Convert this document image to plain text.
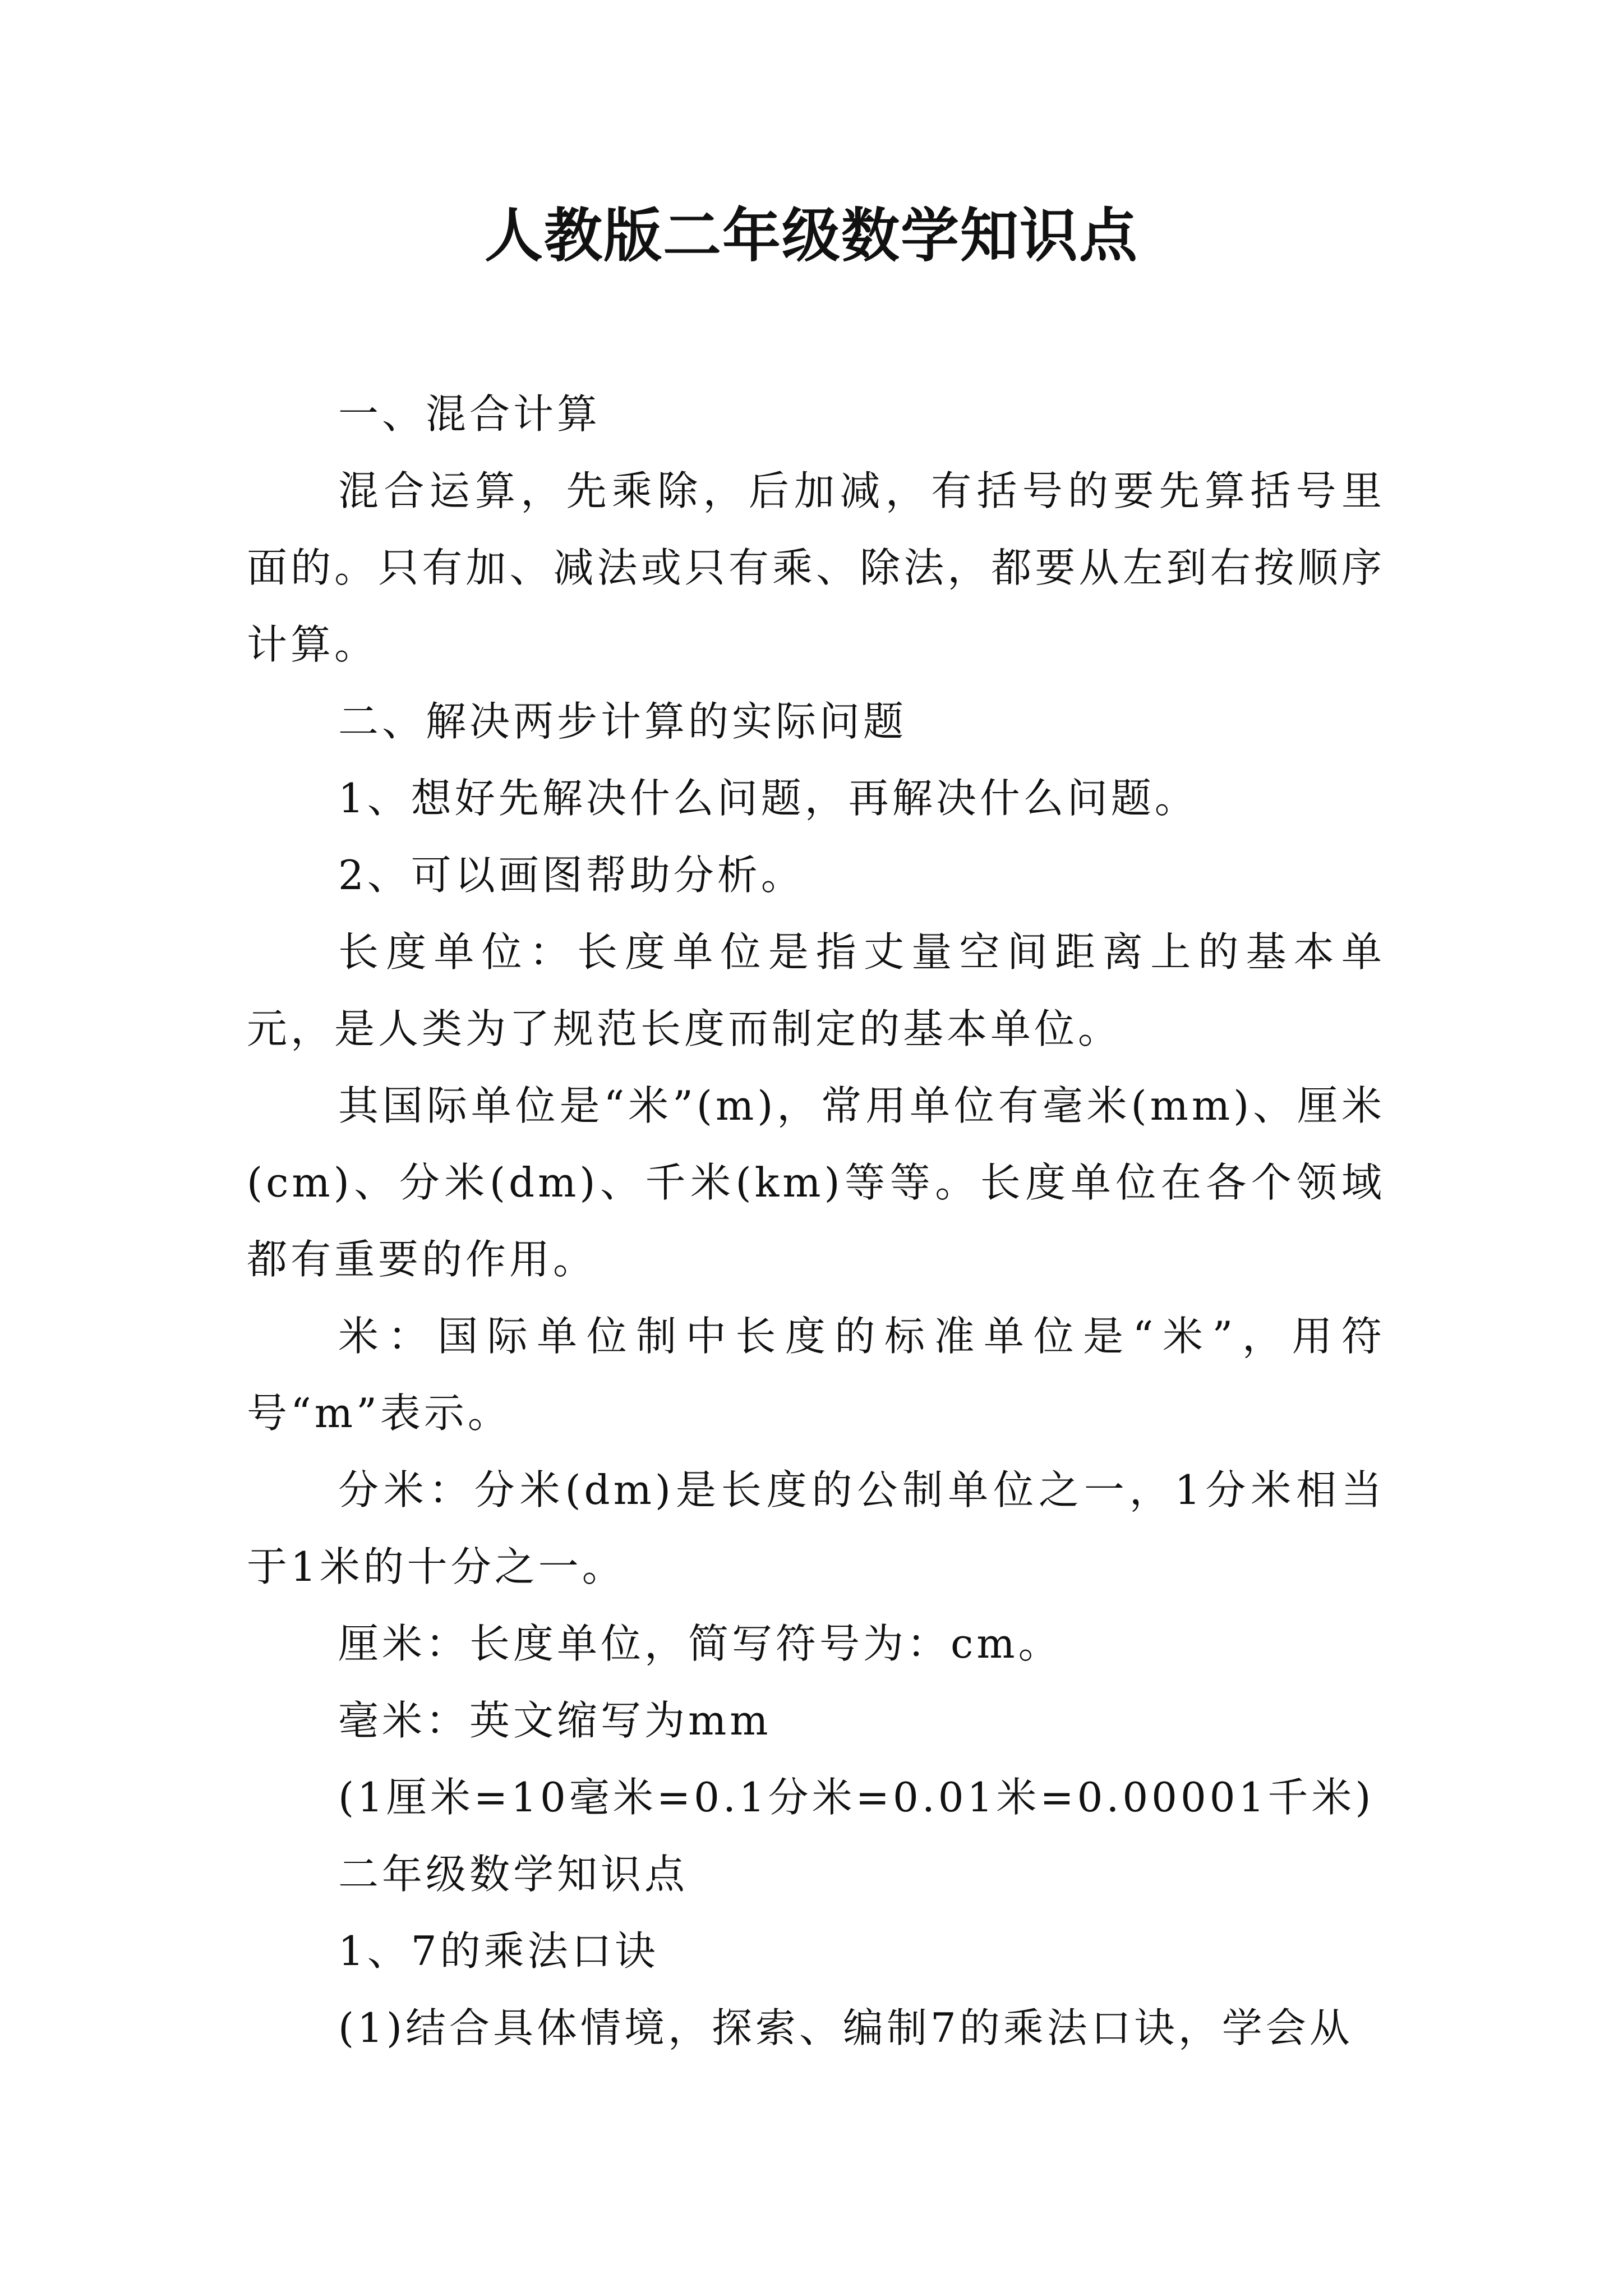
人教版二年级数学知识点

一、混合计算

混合运算，先乘除，后加减，有括号的要先算括号里面的。只有加、减法或只有乘、除法，都要从左到右按顺序计算。

二、解决两步计算的实际问题

1、想好先解决什么问题，再解决什么问题。

2、可以画图帮助分析。

长度单位：长度单位是指丈量空间距离上的基本单元，是人类为了规范长度而制定的基本单位。

其国际单位是“米”(m)，常用单位有毫米(mm)、厘米(cm)、分米(dm)、千米(km)等等。长度单位在各个领域都有重要的作用。

米：国际单位制中长度的标准单位是“米”，用符号“m”表示。

分米：分米(dm)是长度的公制单位之一，1分米相当于1米的十分之一。

厘米：长度单位，简写符号为：cm。

毫米：英文缩写为mm

(1厘米=10毫米=0.1分米=0.01米=0.00001千米)

二年级数学知识点

1、7的乘法口诀

(1)结合具体情境，探索、编制7的乘法口诀，学会从
